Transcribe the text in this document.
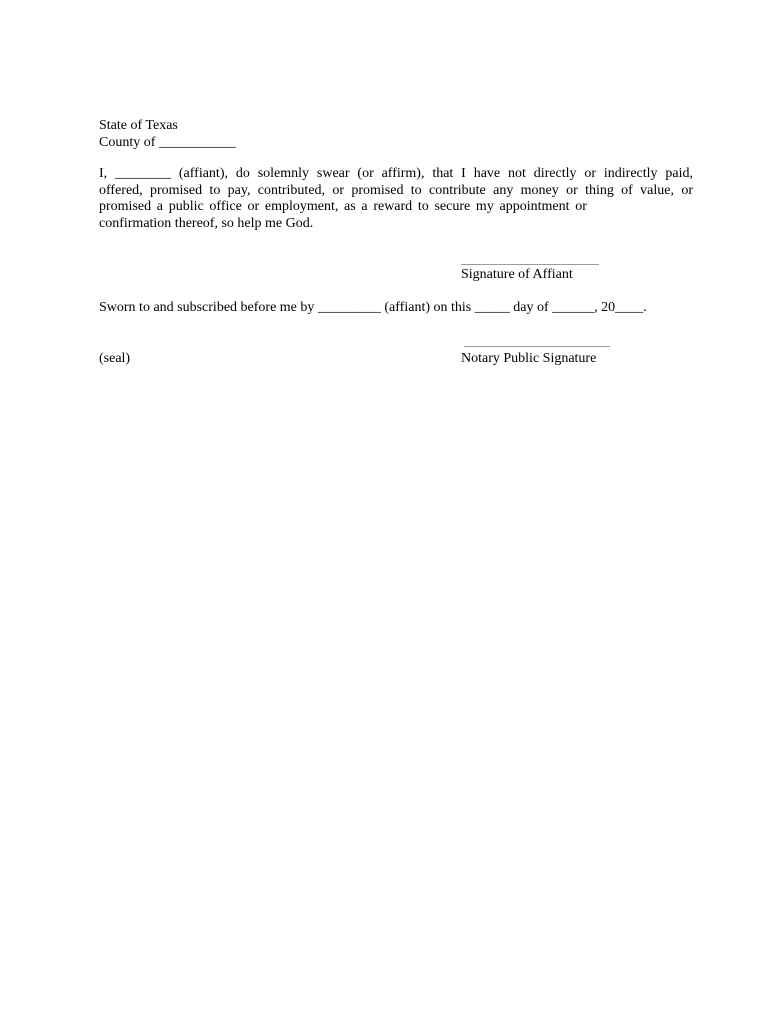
State of Texas
County of ___________
I, ________ (affiant), do solemnly swear (or affirm), that I have not directly or indirectly paid,
offered, promised to pay, contributed, or promised to contribute any money or thing of value, or
promised a public office or employment, as a reward to secure my appointment or
confirmation thereof, so help me God.
Signature of Affiant
Sworn to and subscribed before me by _________ (affiant) on this _____ day of ______, 20____.
(seal)	Notary Public Signature
